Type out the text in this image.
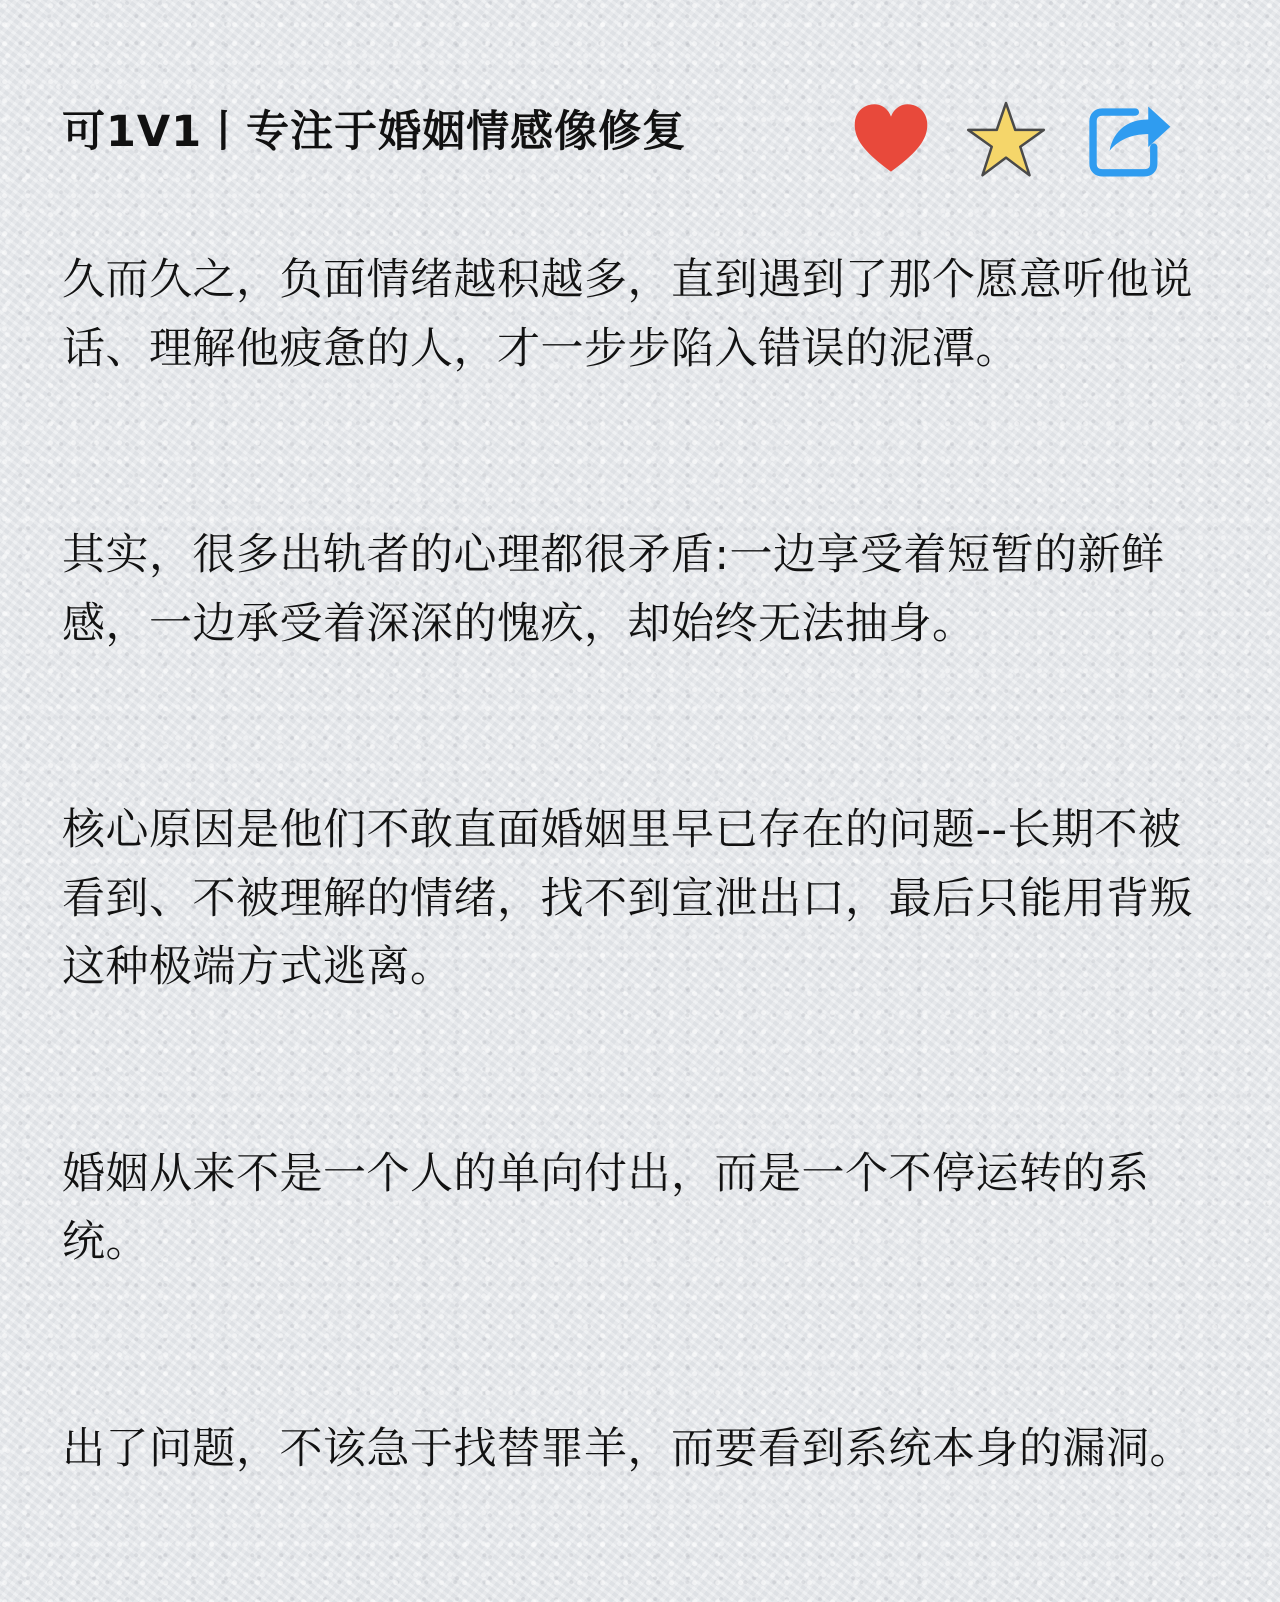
可1V1丨专注于婚姻情感像修复

久而久之，负面情绪越积越多，直到遇到了那个愿意听他说话、理解他疲惫的人，才一步步陷入错误的泥潭。

其实，很多出轨者的心理都很矛盾:一边享受着短暂的新鲜感，一边承受着深深的愧疚，却始终无法抽身。

核心原因是他们不敢直面婚姻里早已存在的问题--长期不被看到、不被理解的情绪，找不到宣泄出口，最后只能用背叛这种极端方式逃离。

婚姻从来不是一个人的单向付出，而是一个不停运转的系统。

出了问题，不该急于找替罪羊，而要看到系统本身的漏洞。
